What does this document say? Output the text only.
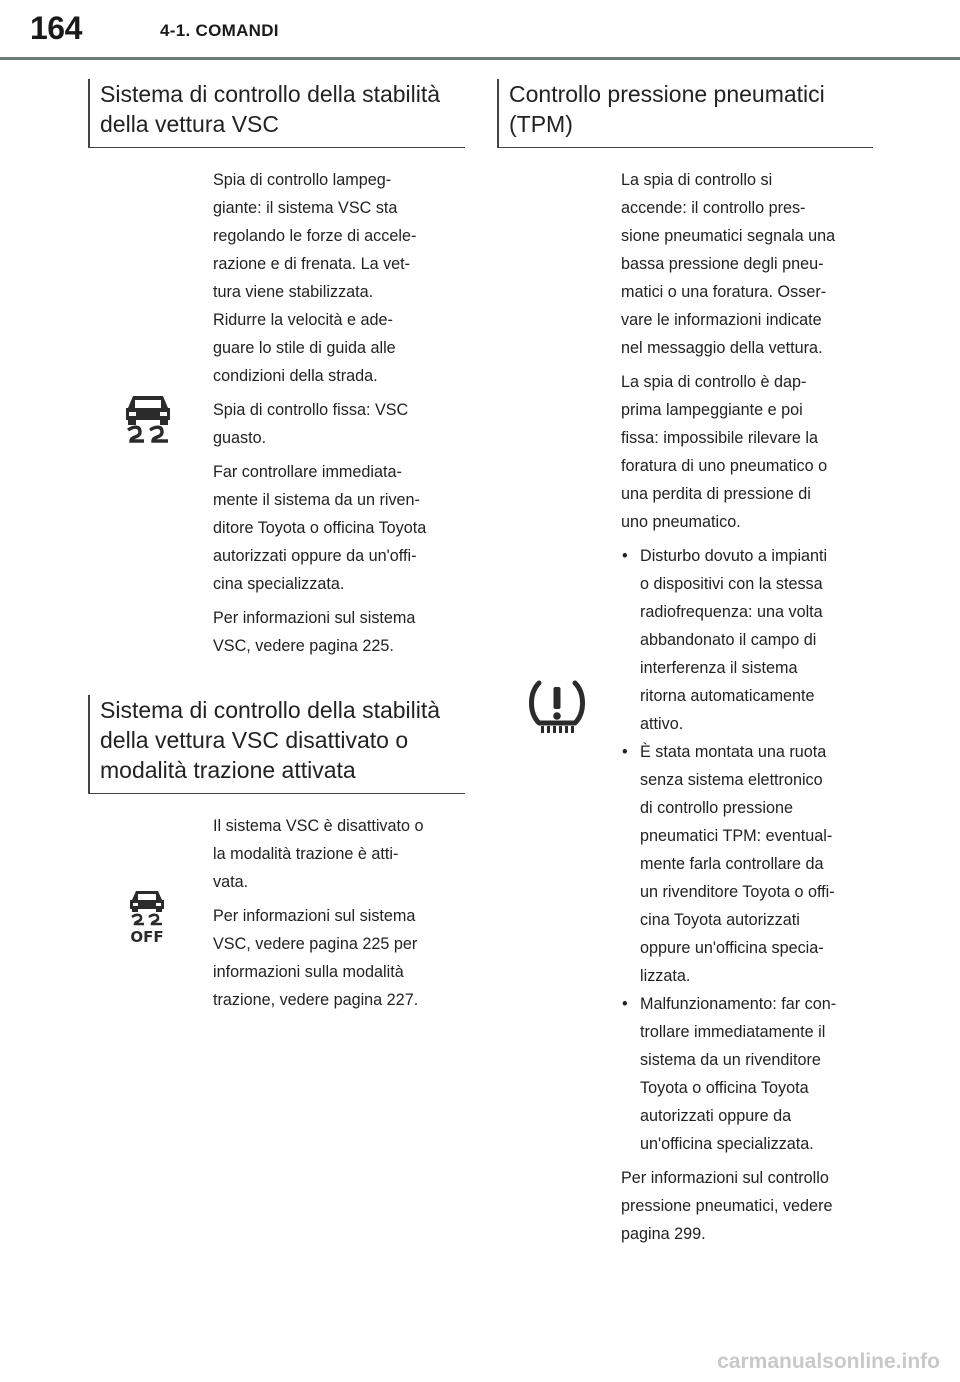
164	4-1. COMANDI
Sistema di controllo della stabilità
della vettura VSC

Spia di controllo lampeg-
giante: il sistema VSC sta
regolando le forze di accele-
razione e di frenata. La vet-
tura viene stabilizzata.
Ridurre la velocità e ade-
guare lo stile di guida alle
condizioni della strada.

Spia di controllo fissa: VSC
guasto.

Far controllare immediata-
mente il sistema da un riven-
ditore Toyota o officina Toyota
autorizzati oppure da un'offi-
cina specializzata.

Per informazioni sul sistema
VSC, vedere pagina 225.

Sistema di controllo della stabilità
della vettura VSC disattivato o
modalità trazione attivata
OFF

Il sistema VSC è disattivato o
la modalità trazione è atti-
vata.

Per informazioni sul sistema
VSC, vedere pagina 225 per
informazioni sulla modalità
trazione, vedere pagina 227.

Controllo pressione pneumatici
(TPM)

La spia di controllo si
accende: il controllo pres-
sione pneumatici segnala una
bassa pressione degli pneu-
matici o una foratura. Osser-
vare le informazioni indicate
nel messaggio della vettura.

La spia di controllo è dap-
prima lampeggiante e poi
fissa: impossibile rilevare la
foratura di uno pneumatico o
una perdita di pressione di
uno pneumatico.

• Disturbo dovuto a impianti
o dispositivi con la stessa
radiofrequenza: una volta
abbandonato il campo di
interferenza il sistema
ritorna automaticamente
attivo.
• È stata montata una ruota
senza sistema elettronico
di controllo pressione
pneumatici TPM: eventual-
mente farla controllare da
un rivenditore Toyota o offi-
cina Toyota autorizzati
oppure un'officina specia-
lizzata.
• Malfunzionamento: far con-
trollare immediatamente il
sistema da un rivenditore
Toyota o officina Toyota
autorizzati oppure da
un'officina specializzata.

Per informazioni sul controllo
pressione pneumatici, vedere
pagina 299.

carmanualsonline.info
